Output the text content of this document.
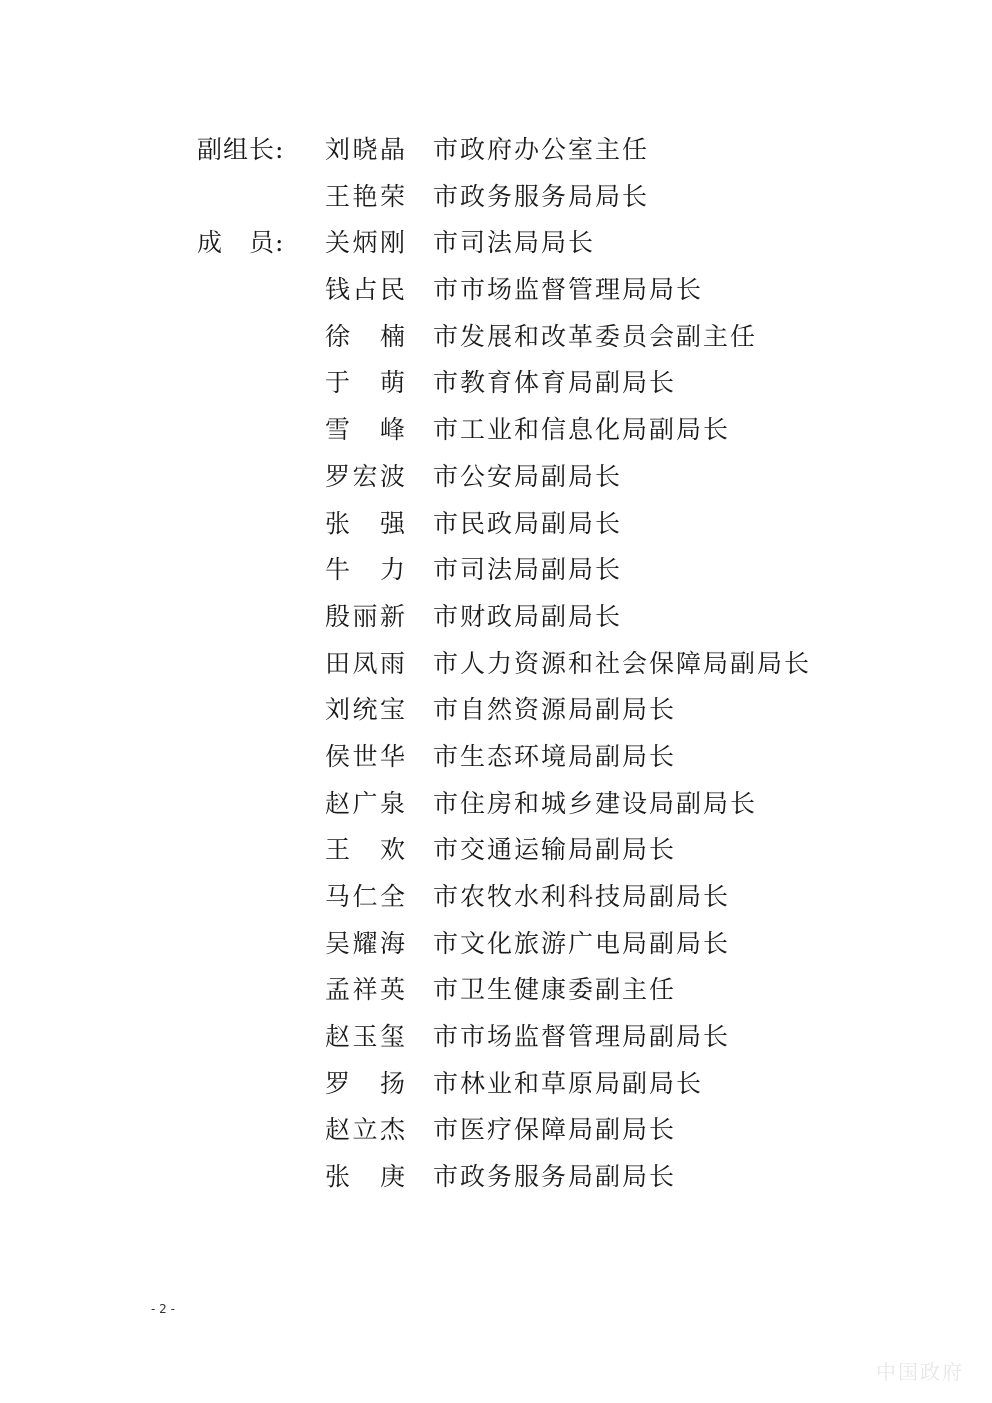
副组长:	刘晓晶 市政府办公室主任
王艳荣 市政务服务局局长
成　员:	关炳刚 市司法局局长
钱占民 市市场监督管理局局长
徐　楠 市发展和改革委员会副主任
于　萌 市教育体育局副局长
雪　峰 市工业和信息化局副局长
罗宏波 市公安局副局长
张　强 市民政局副局长
牛　力 市司法局副局长
殷丽新 市财政局副局长
田凤雨 市人力资源和社会保障局副局长
刘统宝 市自然资源局副局长
侯世华 市生态环境局副局长
赵广泉 市住房和城乡建设局副局长
王　欢 市交通运输局副局长
马仁全 市农牧水利科技局副局长
吴耀海 市文化旅游广电局副局长
孟祥英 市卫生健康委副主任
赵玉玺 市市场监督管理局副局长
罗　扬 市林业和草原局副局长
赵立杰 市医疗保障局副局长
张　庚 市政务服务局副局长
- 2 -
中国政府
